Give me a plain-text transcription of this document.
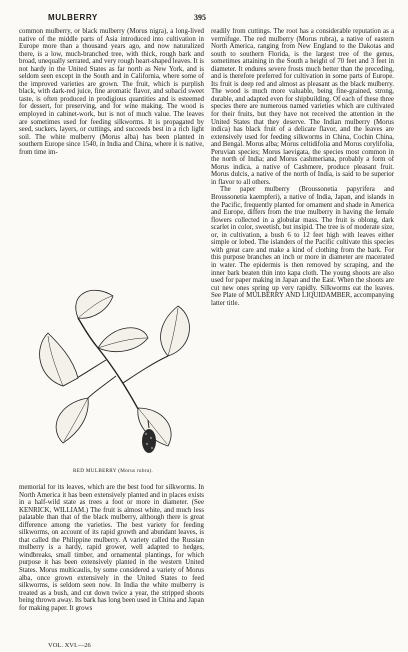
MULBERRY	395

common mulberry, or black mulberry (Morus nigra), a long-lived native of the middle parts of Asia introduced into cultivation in Europe more than a thousand years ago, and now naturalized there, is a low, much-branched tree, with thick, rough bark and broad, unequally serrated, and very rough heart-shaped leaves. It is not hardy in the United States as far north as New York, and is seldom seen except in the South and in California, where some of the improved varieties are grown. The fruit, which is purplish black, with dark-red juice, fine aromatic flavor, and subacid sweet taste, is often produced in prodigious quantities and is esteemed for dessert, for preserving, and for wine making. The wood is employed in cabinet-work, but is not of much value. The leaves are sometimes used for feeding silkworms. It is propagated by seed, suckers, layers, or cuttings, and succeeds best in a rich light soil. The white mulberry (Morus alba) has been planted in southern Europe since 1540, in India and China, where it is native, from time im-

RED MULBERRY (Morus rubra).

memorial for its leaves, which are the best food for silkworms. In North America it has been extensively planted and in places exists in a half-wild state as trees a foot or more in diameter. (See KENRICK, WILLIAM.) The fruit is almost white, and much less palatable than that of the black mulberry, although there is great difference among the varieties. The best variety for feeding silkworms, on account of its rapid growth and abundant leaves, is that called the Philippine mulberry. A variety called the Russian mulberry is a hardy, rapid grower, well adapted to hedges, windbreaks, small timber, and ornamental plantings, for which purpose it has been extensively planted in the western United States. Morus multicaulis, by some considered a variety of Morus alba, once grown extensively in the United States to feed silkworms, is seldom seen now. In India the white mulberry is treated as a bush, and cut down twice a year, the stripped shoots being thrown away. Its bark has long been used in China and Japan for making paper. It grows

readily from cuttings. The root has a considerable reputation as a vermifuge. The red mulberry (Morus rubra), a native of eastern North America, ranging from New England to the Dakotas and south to southern Florida, is the largest tree of the genus, sometimes attaining in the South a height of 70 feet and 3 feet in diameter. It endures severe frosts much better than the preceding, and is therefore preferred for cultivation in some parts of Europe. Its fruit is deep red and almost as pleasant as the black mulberry. The wood is much more valuable, being fine-grained, strong, durable, and adapted even for shipbuilding. Of each of these three species there are numerous named varieties which are cultivated for their fruits, but they have not received the attention in the United States that they deserve. The Indian mulberry (Morus indica) has black fruit of a delicate flavor, and the leaves are extensively used for feeding silkworms in China, Cochin China, and Bengal. Morus alba; Morus celtidifolia and Morus corylifolia, Peruvian species; Morus laevigata, the species most common in the north of India; and Morus cashmeriana, probably a form of Morus indica, a native of Cashmere, produce pleasant fruit. Morus dulcis, a native of the north of India, is said to be superior in flavor to all others.

The paper mulberry (Broussonetia papyrifera and Broussonetia kaempferi), a native of India, Japan, and islands in the Pacific, frequently planted for ornament and shade in America and Europe, differs from the true mulberry in having the female flowers collected in a globular mass. The fruit is oblong, dark scarlet in color, sweetish, but insipid. The tree is of moderate size, or, in cultivation, a bush 6 to 12 feet high with leaves either simple or lobed. The islanders of the Pacific cultivate this species with great care and make a kind of clothing from the bark. For this purpose branches an inch or more in diameter are macerated in water. The epidermis is then removed by scraping, and the inner bark beaten thin into kapa cloth. The young shoots are also used for paper making in Japan and the East. When the shoots are cut new ones spring up very rapidly. Silkworms eat the leaves. See Plate of MULBERRY AND LIQUIDAMBER, accompanying latter title.

VOL. XVI.—26
